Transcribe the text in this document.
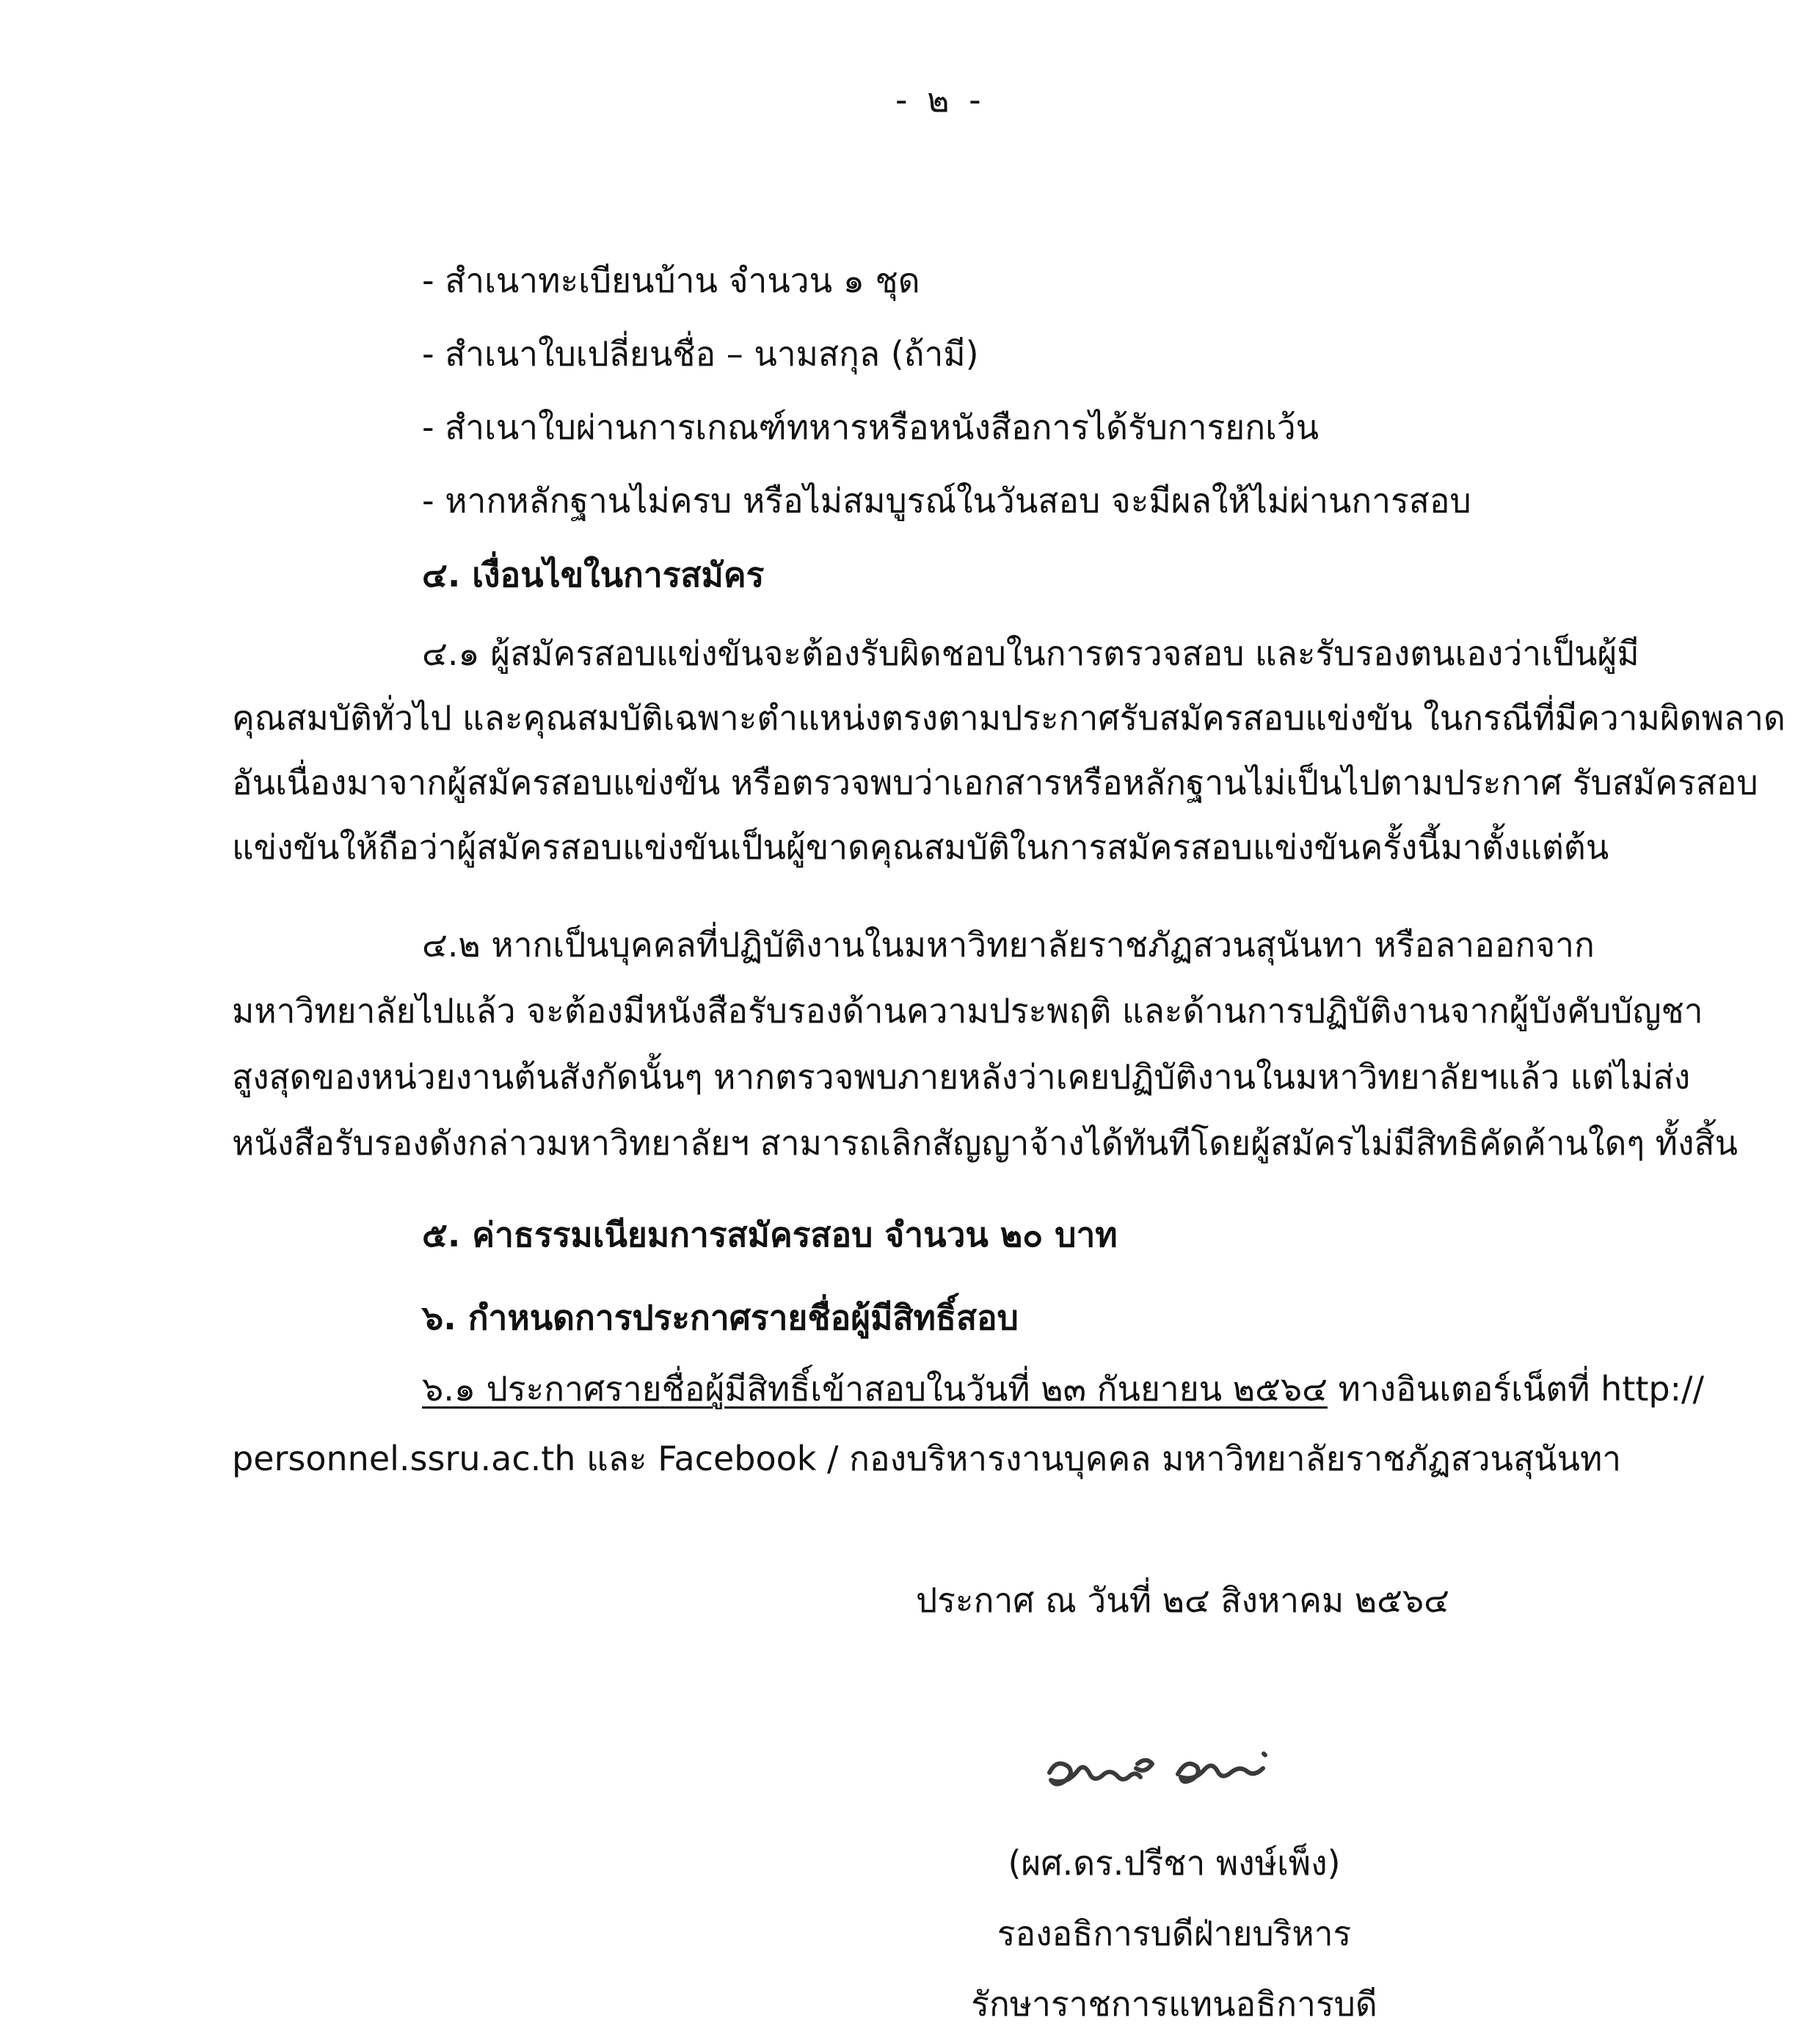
- ๒ -
- สำเนาทะเบียนบ้าน จำนวน ๑ ชุด
- สำเนาใบเปลี่ยนชื่อ – นามสกุล (ถ้ามี)
- สำเนาใบผ่านการเกณฑ์ทหารหรือหนังสือการได้รับการยกเว้น
- หากหลักฐานไม่ครบ หรือไม่สมบูรณ์ในวันสอบ จะมีผลให้ไม่ผ่านการสอบ
๔. เงื่อนไขในการสมัคร
๔.๑ ผู้สมัครสอบแข่งขันจะต้องรับผิดชอบในการตรวจสอบ และรับรองตนเองว่าเป็นผู้มี
คุณสมบัติทั่วไป และคุณสมบัติเฉพาะตำแหน่งตรงตามประกาศรับสมัครสอบแข่งขัน ในกรณีที่มีความผิดพลาด
อันเนื่องมาจากผู้สมัครสอบแข่งขัน หรือตรวจพบว่าเอกสารหรือหลักฐานไม่เป็นไปตามประกาศ รับสมัครสอบ
แข่งขันให้ถือว่าผู้สมัครสอบแข่งขันเป็นผู้ขาดคุณสมบัติในการสมัครสอบแข่งขันครั้งนี้มาตั้งแต่ต้น
๔.๒ หากเป็นบุคคลที่ปฏิบัติงานในมหาวิทยาลัยราชภัฏสวนสุนันทา หรือลาออกจาก
มหาวิทยาลัยไปแล้ว จะต้องมีหนังสือรับรองด้านความประพฤติ และด้านการปฏิบัติงานจากผู้บังคับบัญชา
สูงสุดของหน่วยงานต้นสังกัดนั้นๆ หากตรวจพบภายหลังว่าเคยปฏิบัติงานในมหาวิทยาลัยฯแล้ว แต่ไม่ส่ง
หนังสือรับรองดังกล่าวมหาวิทยาลัยฯ สามารถเลิกสัญญาจ้างได้ทันทีโดยผู้สมัครไม่มีสิทธิคัดค้านใดๆ ทั้งสิ้น
๕. ค่าธรรมเนียมการสมัครสอบ จำนวน ๒๐ บาท
๖. กำหนดการประกาศรายชื่อผู้มีสิทธิ์สอบ
๖.๑ ประกาศรายชื่อผู้มีสิทธิ์เข้าสอบในวันที่ ๒๓ กันยายน ๒๕๖๔ ทางอินเตอร์เน็ตที่ http://
personnel.ssru.ac.th และ Facebook / กองบริหารงานบุคคล มหาวิทยาลัยราชภัฏสวนสุนันทา
ประกาศ ณ วันที่ ๒๔ สิงหาคม ๒๕๖๔
(ผศ.ดร.ปรีชา พงษ์เพ็ง)
รองอธิการบดีฝ่ายบริหาร
รักษาราชการแทนอธิการบดี
